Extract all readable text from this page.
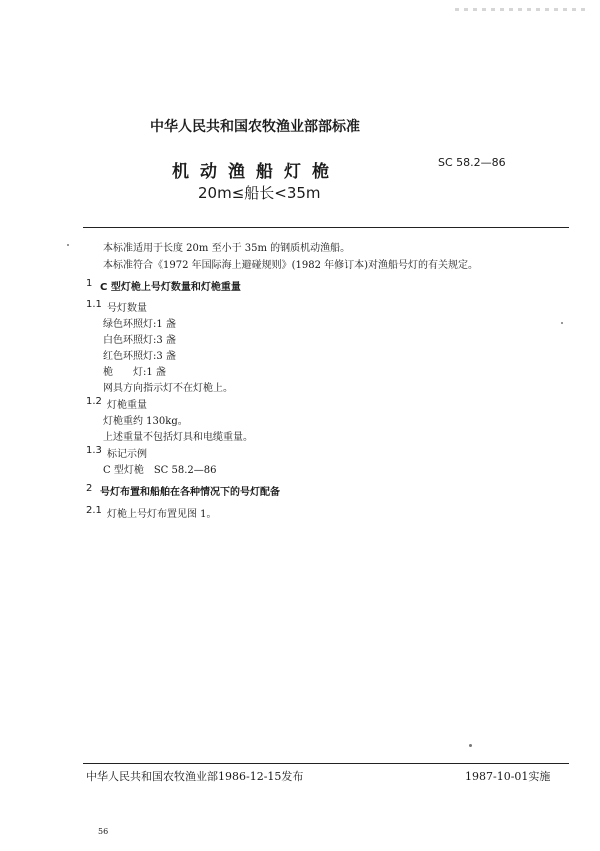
中华人民共和国农牧渔业部部标准
机动渔船灯桅	SC 58.2—86
20m≤船长<35m
本标准适用于长度 20m 至小于 35m 的钢质机动渔船。
本标准符合《1972 年国际海上避碰规则》(1982 年修订本)对渔船号灯的有关规定。
1 C 型灯桅上号灯数量和灯桅重量
1.1 号灯数量
绿色环照灯:1 盏
白色环照灯:3 盏
红色环照灯:3 盏
桅　　灯:1 盏
网具方向指示灯不在灯桅上。
1.2 灯桅重量
灯桅重约 130kg。
上述重量不包括灯具和电缆重量。
1.3 标记示例
C 型灯桅　SC 58.2—86
2 号灯布置和船舶在各种情况下的号灯配备
2.1 灯桅上号灯布置见图 1。
中华人民共和国农牧渔业部1986-12-15发布	1987-10-01实施
56
